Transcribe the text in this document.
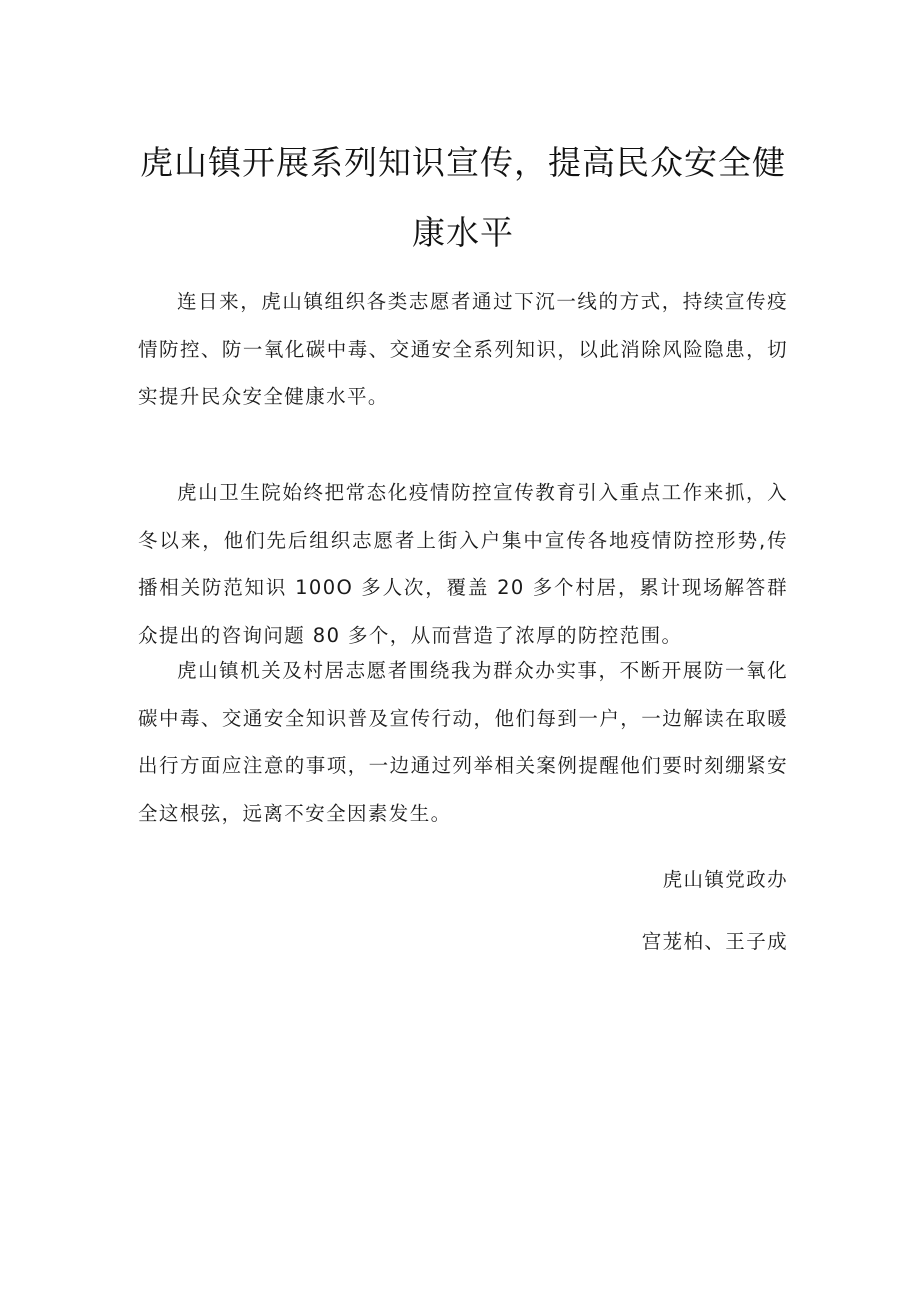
虎山镇开展系列知识宣传，提高民众安全健康水平

连日来，虎山镇组织各类志愿者通过下沉一线的方式，持续宣传疫情防控、防一氧化碳中毒、交通安全系列知识，以此消除风险隐患，切实提升民众安全健康水平。

虎山卫生院始终把常态化疫情防控宣传教育引入重点工作来抓，入冬以来，他们先后组织志愿者上街入户集中宣传各地疫情防控形势,传播相关防范知识 100O 多人次，覆盖 20 多个村居，累计现场解答群众提出的咨询问题 80 多个，从而营造了浓厚的防控范围。

虎山镇机关及村居志愿者围绕我为群众办实事，不断开展防一氧化碳中毒、交通安全知识普及宣传行动，他们每到一户，一边解读在取暖出行方面应注意的事项，一边通过列举相关案例提醒他们要时刻绷紧安全这根弦，远离不安全因素发生。

虎山镇党政办

宫茏柏、王子成
